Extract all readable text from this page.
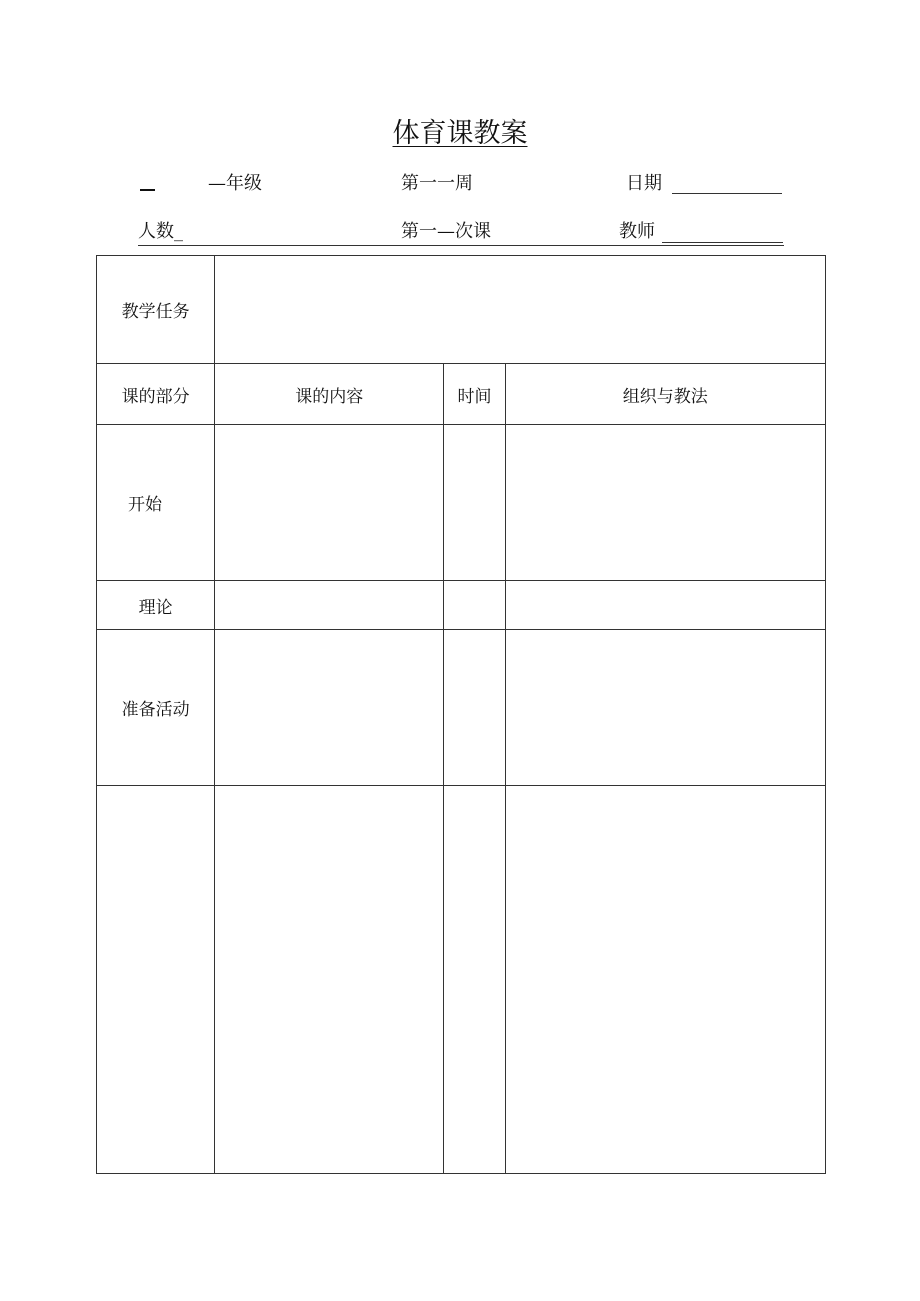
体育课教案
—年级	第一一周	日期
人数_	第一—次课	教师
教学任务			
课的部分	课的内容	时间	组织与教法
开始			
理论			
准备活动			
